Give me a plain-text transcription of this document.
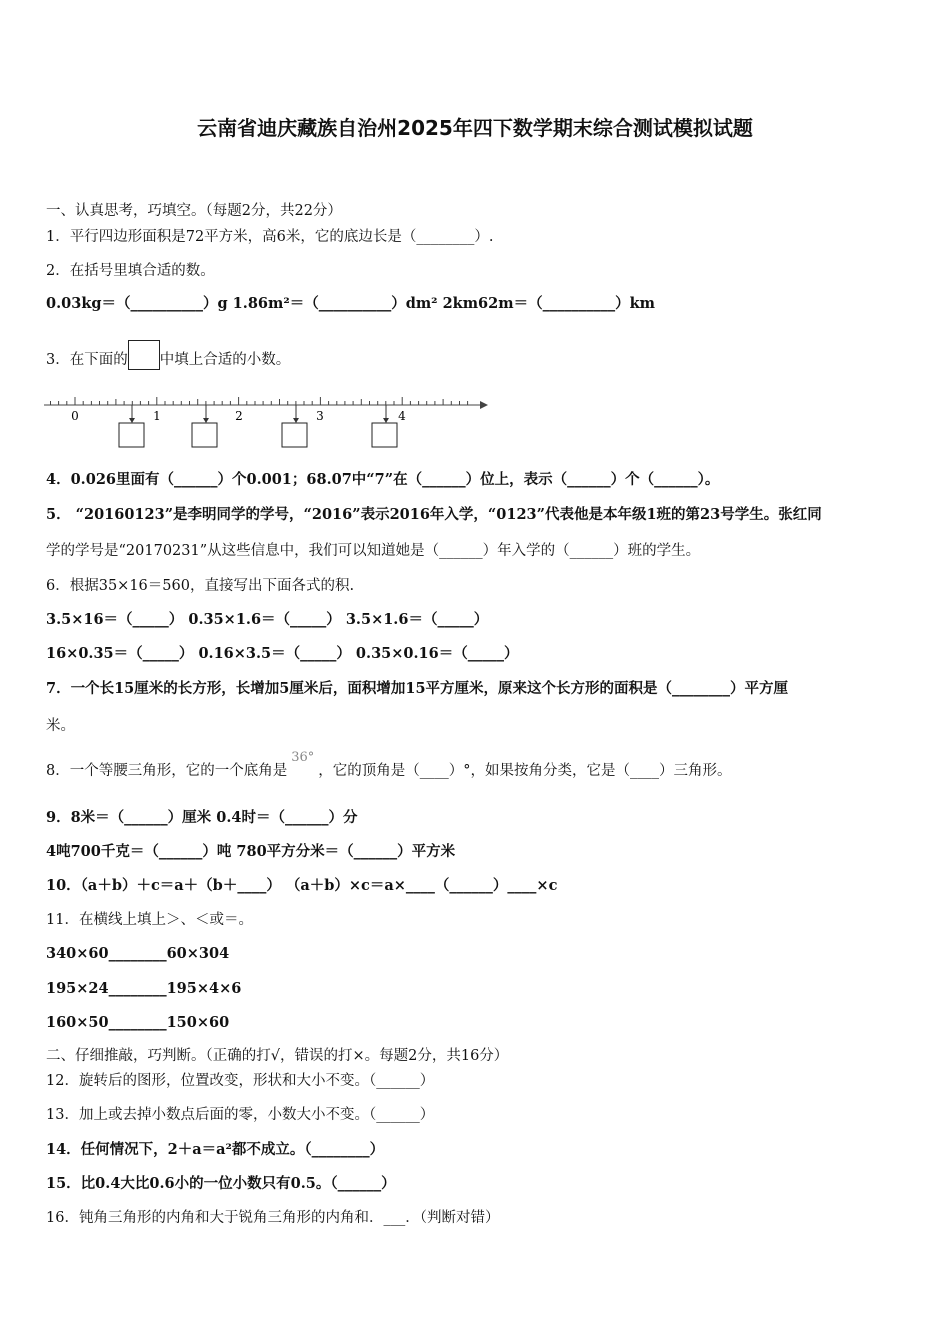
云南省迪庆藏族自治州2025年四下数学期末综合测试模拟试题
一、认真思考，巧填空。（每题2分，共22分）
1．平行四边形面积是72平方米，高6米，它的底边长是（________）.
2．在括号里填合适的数。
0.03kg＝（__________）g 1.86m²＝（__________）dm² 2km62m＝（__________）km
3．在下面的 中填上合适的小数。
0	1	2	3	4
4．0.026里面有（______）个0.001；68.07中“7”在（______）位上，表示（______）个（______）。
5． “20160123”是李明同学的学号，“2016”表示2016年入学，“0123”代表他是本年级1班的第23号学生。张红同
学的学号是“20170231”从这些信息中，我们可以知道她是（______）年入学的（______）班的学生。
6．根据35×16＝560，直接写出下面各式的积.
3.5×16＝（_____） 0.35×1.6＝（_____） 3.5×1.6＝（_____）
16×0.35＝（_____） 0.16×3.5＝（_____） 0.35×0.16＝（_____）
7．一个长15厘米的长方形，长增加5厘米后，面积增加15平方厘米，原来这个长方形的面积是（________）平方厘
米。
8．一个等腰三角形，它的一个底角是36°，它的顶角是（____）°，如果按角分类，它是（____）三角形。
9．8米＝（______）厘米 0.4时＝（______）分
4吨700千克＝（______）吨 780平方分米＝（______）平方米
10．（a＋b）＋c＝a＋（b＋____） （a＋b）×c＝a×____（______）____×c
11．在横线上填上＞、＜或＝。
340×60________60×304
195×24________195×4×6
160×50________150×60
二、仔细推敲，巧判断。（正确的打√，错误的打×。每题2分，共16分）
12．旋转后的图形，位置改变，形状和大小不变。（______）
13．加上或去掉小数点后面的零，小数大小不变。（______）
14．任何情况下，2＋a＝a²都不成立。（________）
15．比0.4大比0.6小的一位小数只有0.5。（______）
16．钝角三角形的内角和大于锐角三角形的内角和．___．（判断对错）
